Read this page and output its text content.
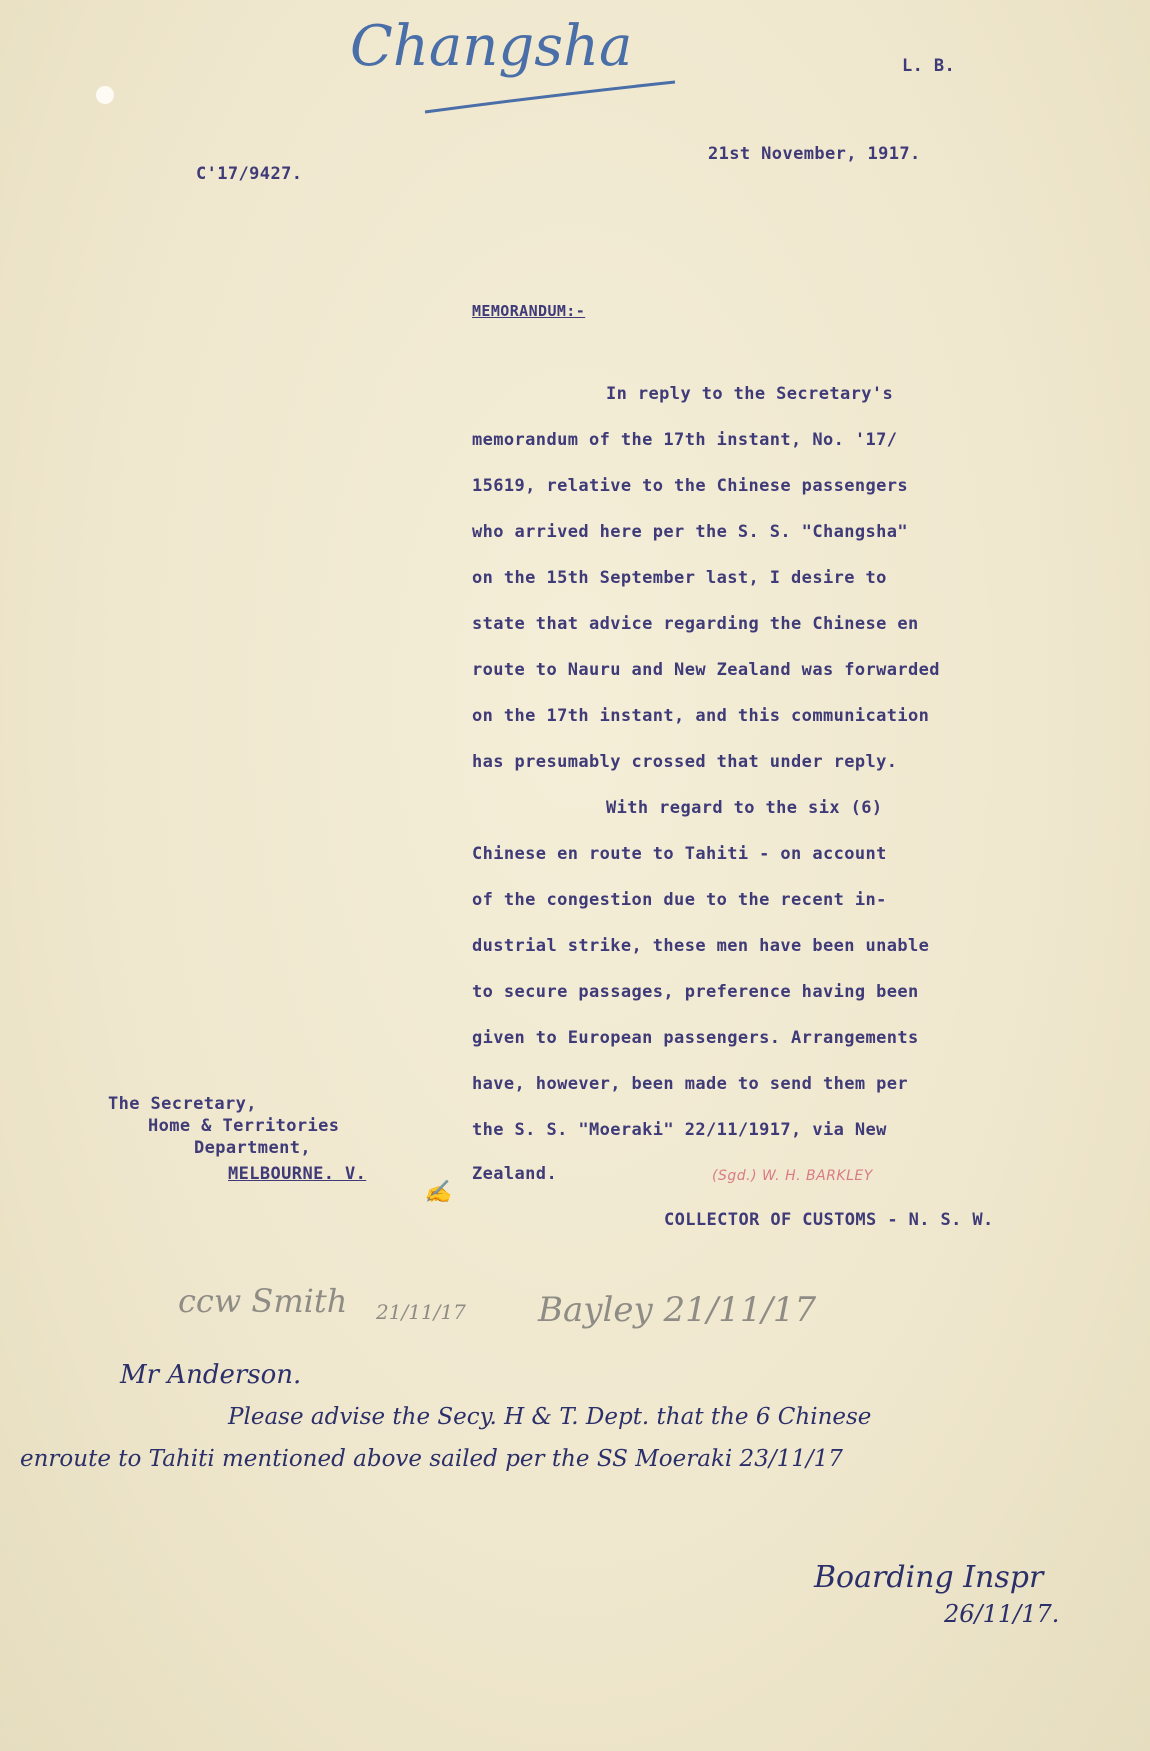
Changsha	L. B.
C'17/9427.
21st November, 1917.
MEMORANDUM:-
In reply to the Secretary's
memorandum of the 17th instant, No. '17/
15619, relative to the Chinese passengers
who arrived here per the S. S. "Changsha"
on the 15th September last, I desire to
state that advice regarding the Chinese en
route to Nauru and New Zealand was forwarded
on the 17th instant, and this communication
has presumably crossed that under reply.
With regard to the six (6)
Chinese en route to Tahiti - on account
of the congestion due to the recent in-
dustrial strike, these men have been unable
to secure passages, preference having been
given to European passengers. Arrangements
have, however, been made to send them per
the S. S. "Moeraki" 22/11/1917, via New
Zealand.
The Secretary,
Home & Territories
Department,
MELBOURNE. V.
✍
(Sgd.) W. H. BARKLEY
COLLECTOR OF CUSTOMS - N. S. W.
ccw Smith 21/11/17 Bayley 21/11/17
Mr Anderson.
Please advise the Secy. H & T. Dept. that the 6 Chinese
enroute to Tahiti mentioned above sailed per the SS Moeraki 23/11/17
Boarding Inspr
26/11/17.
